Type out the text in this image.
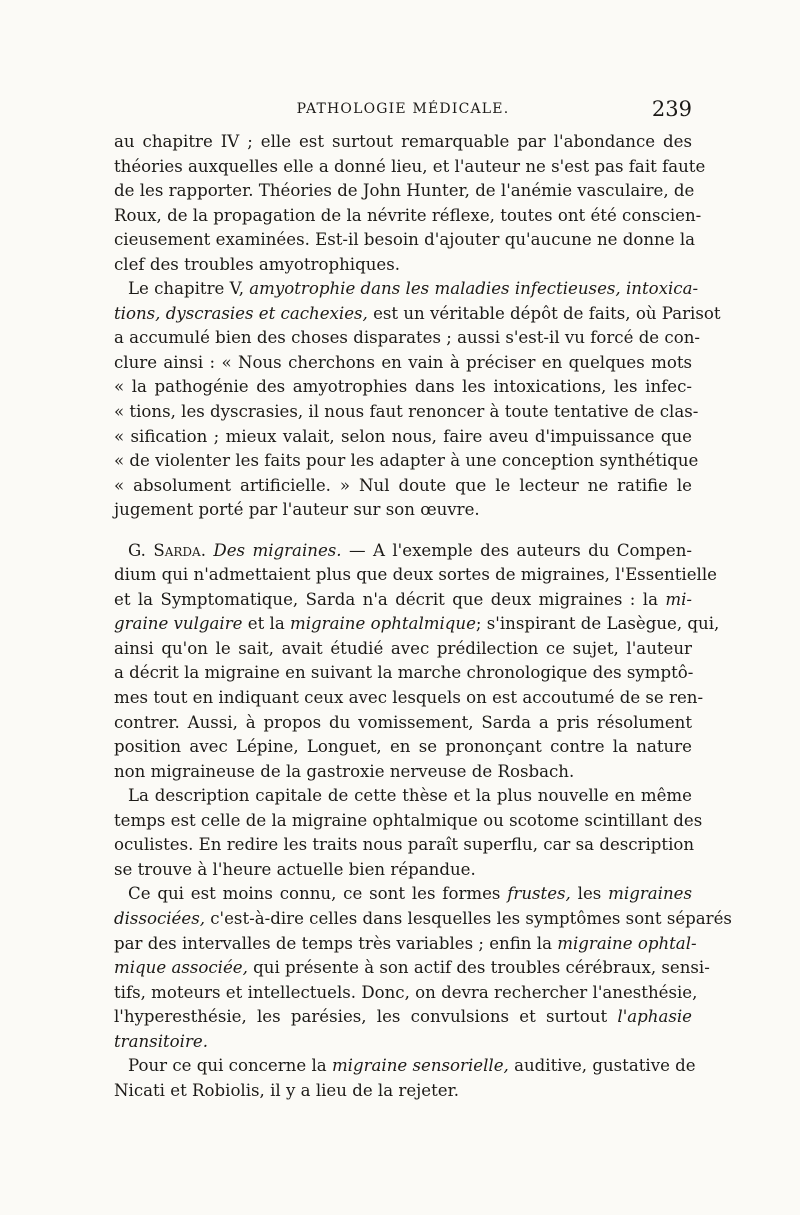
PATHOLOGIE MÉDICALE.	239
au chapitre IV ; elle est surtout remarquable par l'abondance des
théories auxquelles elle a donné lieu, et l'auteur ne s'est pas fait faute
de les rapporter. Théories de John Hunter, de l'anémie vasculaire, de
Roux, de la propagation de la névrite réflexe, toutes ont été conscien-
cieusement examinées. Est-il besoin d'ajouter qu'aucune ne donne la
clef des troubles amyotrophiques.
Le chapitre V, amyotrophie dans les maladies infectieuses, intoxica-
tions, dyscrasies et cachexies, est un véritable dépôt de faits, où Parisot
a accumulé bien des choses disparates ; aussi s'est-il vu forcé de con-
clure ainsi : « Nous cherchons en vain à préciser en quelques mots
« la pathogénie des amyotrophies dans les intoxications, les infec-
« tions, les dyscrasies, il nous faut renoncer à toute tentative de clas-
« sification ; mieux valait, selon nous, faire aveu d'impuissance que
« de violenter les faits pour les adapter à une conception synthétique
« absolument artificielle. » Nul doute que le lecteur ne ratifie le
jugement porté par l'auteur sur son œuvre.
G. Sarda. Des migraines. — A l'exemple des auteurs du Compen-
dium qui n'admettaient plus que deux sortes de migraines, l'Essentielle
et la Symptomatique, Sarda n'a décrit que deux migraines : la mi-
graine vulgaire et la migraine ophtalmique; s'inspirant de Lasègue, qui,
ainsi qu'on le sait, avait étudié avec prédilection ce sujet, l'auteur
a décrit la migraine en suivant la marche chronologique des symptô-
mes tout en indiquant ceux avec lesquels on est accoutumé de se ren-
contrer. Aussi, à propos du vomissement, Sarda a pris résolument
position avec Lépine, Longuet, en se prononçant contre la nature
non migraineuse de la gastroxie nerveuse de Rosbach.
La description capitale de cette thèse et la plus nouvelle en même
temps est celle de la migraine ophtalmique ou scotome scintillant des
oculistes. En redire les traits nous paraît superflu, car sa description
se trouve à l'heure actuelle bien répandue.
Ce qui est moins connu, ce sont les formes frustes, les migraines
dissociées, c'est-à-dire celles dans lesquelles les symptômes sont séparés
par des intervalles de temps très variables ; enfin la migraine ophtal-
mique associée, qui présente à son actif des troubles cérébraux, sensi-
tifs, moteurs et intellectuels. Donc, on devra rechercher l'anesthésie,
l'hyperesthésie, les parésies, les convulsions et surtout l'aphasie
transitoire.
Pour ce qui concerne la migraine sensorielle, auditive, gustative de
Nicati et Robiolis, il y a lieu de la rejeter.
